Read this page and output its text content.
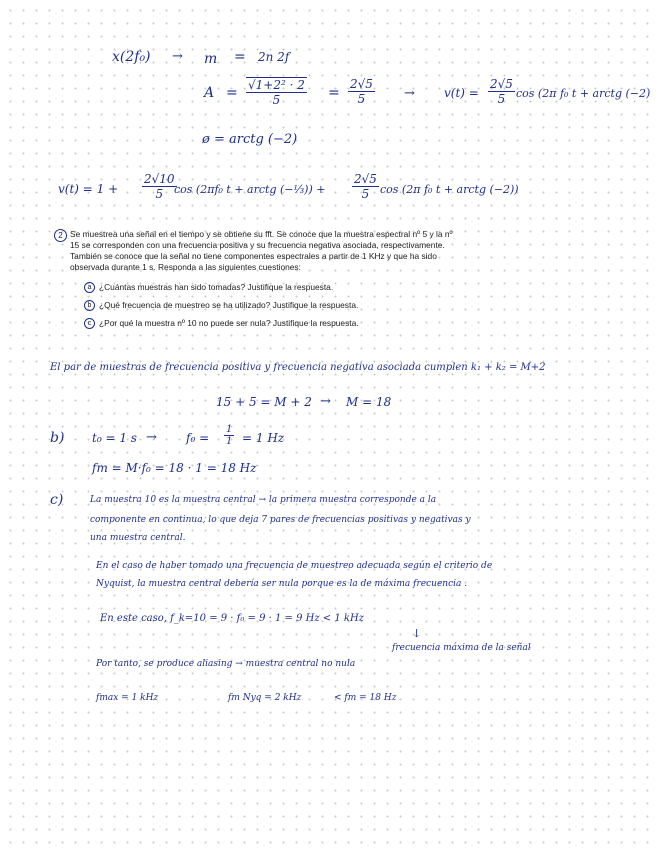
x(2f₀) → m = 2n 2f
A = √1+2² · 2
5	=
2√5
5	→ v(t) =
2√5
5 cos (2π f₀ t + arctg (−2)
ø = arctg (−2)
v(t) = 1 +
2√10
5 cos (2πf₀ t + arctg (−¹⁄₃)) +
2√5
5 cos (2π f₀ t + arctg (−2))
2 Se muestrea una señal en el tiempo y se obtiene su fft. Se conoce que la muestra espectral nº 5 y la nº
15 se corresponden con una frecuencia positiva y su frecuencia negativa asociada, respectivamente.
También se conoce que la señal no tiene componentes espectrales a partir de 1 KHz y que ha sido
observada durante 1 s. Responda a las siguientes cuestiones:
a ¿Cuántas muestras han sido tomadas? Justifique la respuesta.
b ¿Qué frecuencia de muestreo se ha utilizado? Justifique la respuesta.
c ¿Por qué la muestra nº 10 no puede ser nula? Justifique la respuesta.
El par de muestras de frecuencia positiva y frecuencia negativa asociada cumplen k₁ + k₂ = M+2
15 + 5 = M + 2 → M = 18
b) t₀ = 1 s → f₀ =
1
1 = 1 Hz
fm = M·f₀ = 18 · 1 = 18 Hz
c)	La muestra 10 es la muestra central → la primera muestra corresponde a la
componente en continua, lo que deja 7 pares de frecuencias positivas y negativas y
una muestra central.
En el caso de haber tomado una frecuencia de muestreo adecuada según el criterio de
Nyquist, la muestra central debería ser nula porque es la de máxima frecuencia .
En este caso, f_k=10 = 9 · f₀ = 9 · 1 = 9 Hz < 1 kHz
↓
frecuencia máxima de la señal
Por tanto, se produce aliasing → muestra central no nula
fmax = 1 kHz	fm Nyq = 2 kHz	< fm = 18 Hz
